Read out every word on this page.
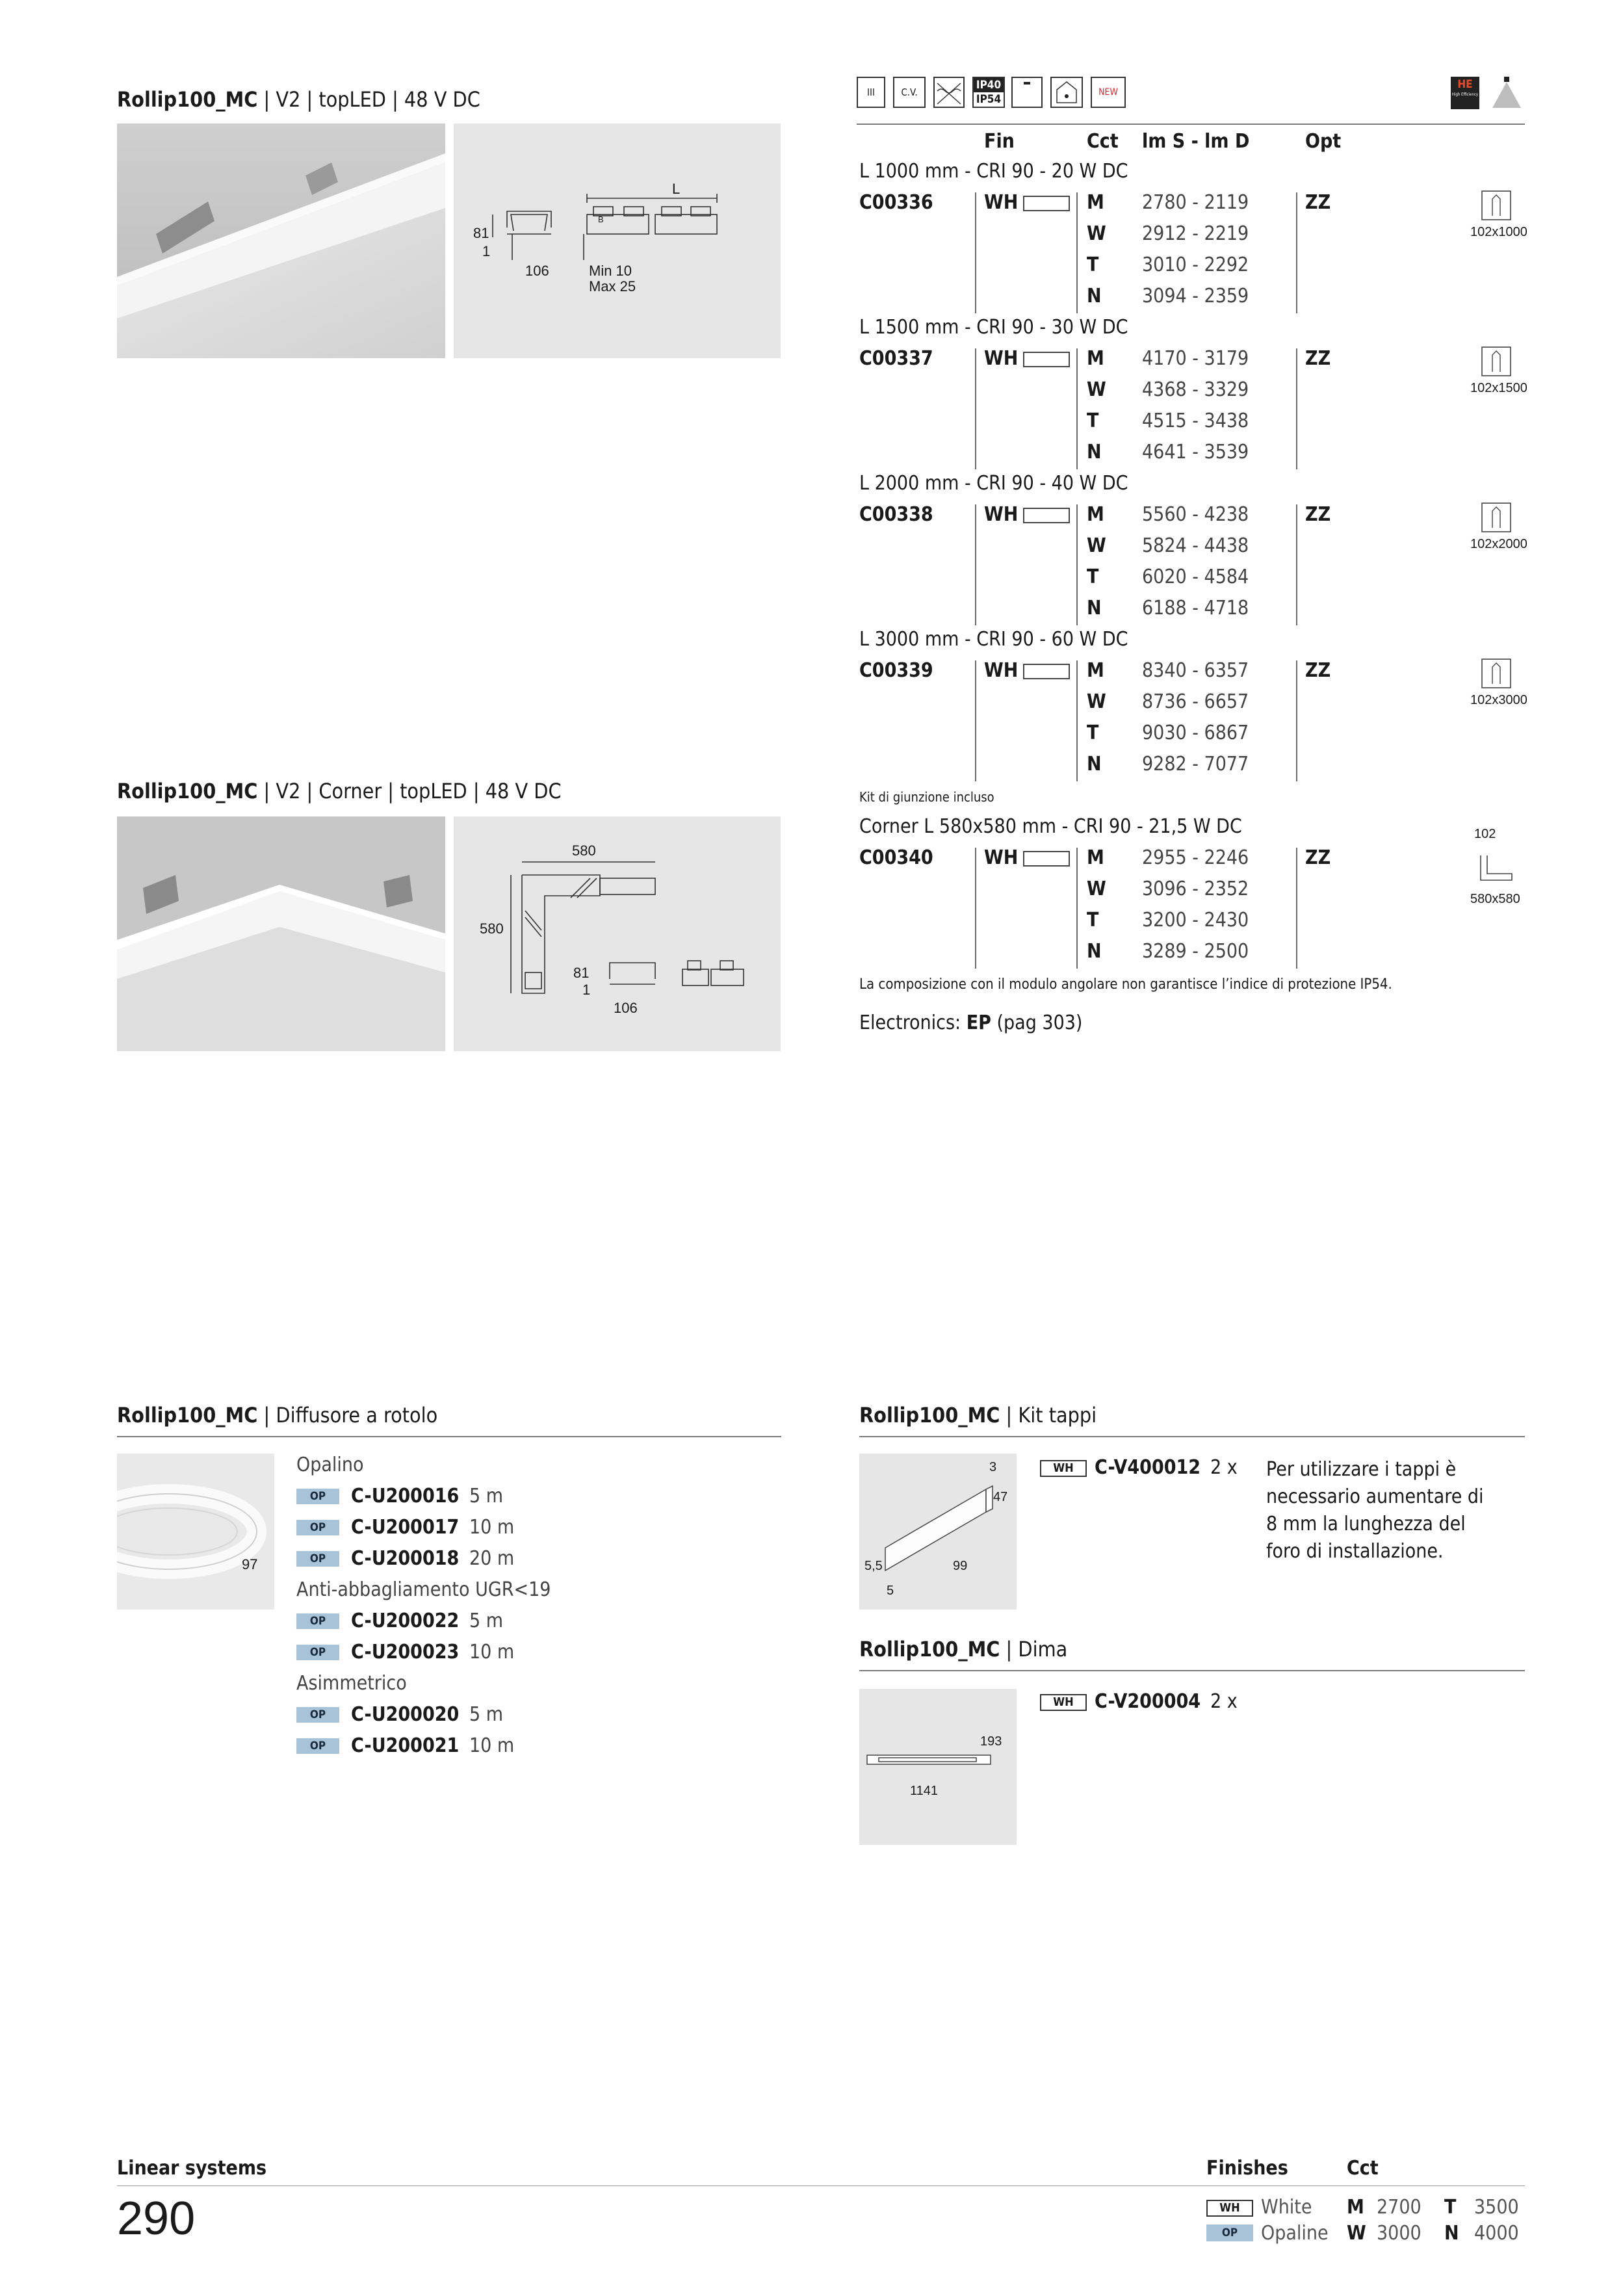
Rollip100_MC | V2 | topLED | 48 V DC
L
81
1
106	Min 10
Max 25
B
Rollip100_MC | V2 | Corner | topLED | 48 V DC
580
580
81
1
106
III	C.V.
IP40
IP54
NEW
HE
High Efficiency
Fin	Cct lm S - lm D	Opt
L 1000 mm - CRI 90 - 20 W DC
C00336	WH	ZZ
M 2780 - 2119
W 2912 - 2219
T 3010 - 2292
N 3094 - 2359
102x1000
L 1500 mm - CRI 90 - 30 W DC
C00337	WH	ZZ
M 4170 - 3179
W 4368 - 3329
T 4515 - 3438
N 4641 - 3539
102x1500
L 2000 mm - CRI 90 - 40 W DC
C00338	WH	ZZ
M 5560 - 4238
W 5824 - 4438
T 6020 - 4584
N 6188 - 4718
102x2000
L 3000 mm - CRI 90 - 60 W DC
C00339	WH	ZZ
M 8340 - 6357
W 8736 - 6657
T 9030 - 6867
N 9282 - 7077
102x3000
Kit di giunzione incluso
Corner L 580x580 mm - CRI 90 - 21,5 W DC
C00340	WH	ZZ
M 2955 - 2246
W 3096 - 2352
T 3200 - 2430
N 3289 - 2500
102
580x580
La composizione con il modulo angolare non garantisce l’indice di protezione IP54.
Electronics: EP (pag 303)
Rollip100_MC | Diffusore a rotolo
97
Opalino
OP	C-U200016 5 m
OP	C-U200017 10 m
OP	C-U200018 20 m
Anti-abbagliamento UGR<19
OP	C-U200022 5 m
OP	C-U200023 10 m
Asimmetrico
OP	C-U200020 5 m
OP	C-U200021 10 m
Rollip100_MC | Kit tappi
3
47
5,5	99
5
WH	C-V400012 2 x Per utilizzare i tappi è
necessario aumentare di
8 mm la lunghezza del
foro di installazione.
Rollip100_MC | Dima
193
1141
WH	C-V200004 2 x
Linear systems	Finishes	Cct
290	WH	White
OP	Opaline
M 2700 T 3500
W 3000 N 4000
